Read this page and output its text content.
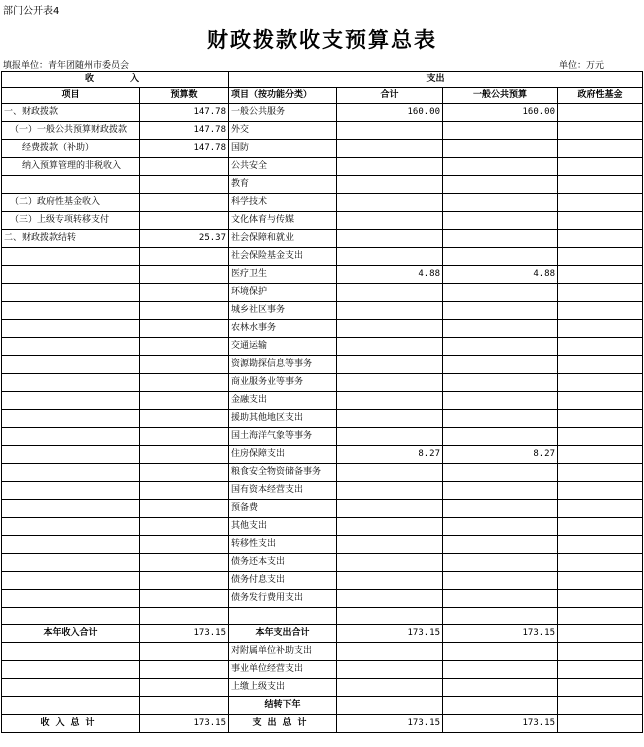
部门公开表4
财政拨款收支预算总表
填报单位：青年团随州市委员会	单位：万元
收　　入		支出			
项目	预算数	项目（按功能分类）	合计	一般公共预算	政府性基金
一、财政拨款	147.78	一般公共服务	160.00	160.00	
（一）一般公共预算财政拨款	147.78	外交			
经费拨款（补助）	147.78	国防			
纳入预算管理的非税收入		公共安全			
		教育			
（二）政府性基金收入		科学技术			
（三）上级专项转移支付		文化体育与传媒			
二、财政拨款结转	25.37	社会保障和就业			
		社会保险基金支出			
		医疗卫生	4.88	4.88	
		环境保护			
		城乡社区事务			
		农林水事务			
		交通运输			
		资源勘探信息等事务			
		商业服务业等事务			
		金融支出			
		援助其他地区支出			
		国土海洋气象等事务			
		住房保障支出	8.27	8.27	
		粮食安全物资储备事务			
		国有资本经营支出			
		预备费			
		其他支出			
		转移性支出			
		债务还本支出			
		债务付息支出			
		债务发行费用支出			

本年收入合计	173.15	本年支出合计	173.15	173.15	
		对附属单位补助支出			
		事业单位经营支出			
		上缴上级支出			
		结转下年			
收入总计	173.15	支出总计	173.15	173.15	
